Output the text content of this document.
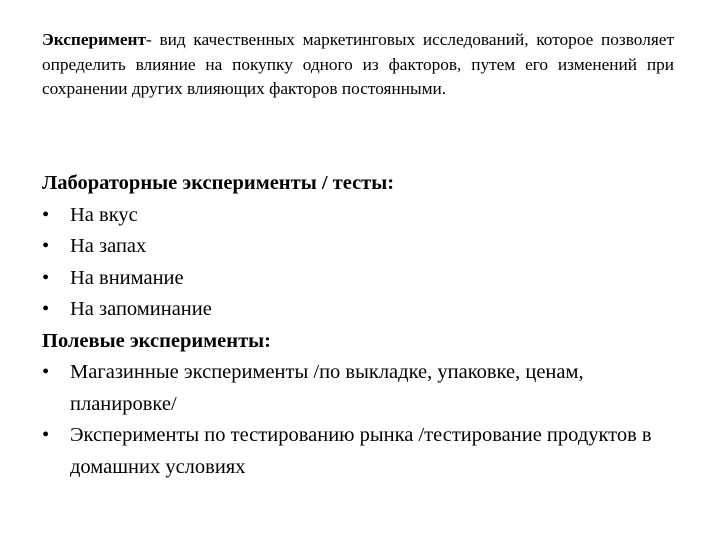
Эксперимент- вид качественных маркетинговых исследований, которое позволяет определить влияние на покупку одного из факторов, путем его изменений при сохранении других влияющих факторов постоянными.

Лабораторные эксперименты / тесты:

•	На вкус
•	На запах
•	На внимание
•	На запоминание

Полевые эксперименты:

•	Магазинные эксперименты /по выкладке, упаковке, ценам, планировке/
•	Эксперименты по тестированию рынка /тестирование продуктов в домашних условиях
